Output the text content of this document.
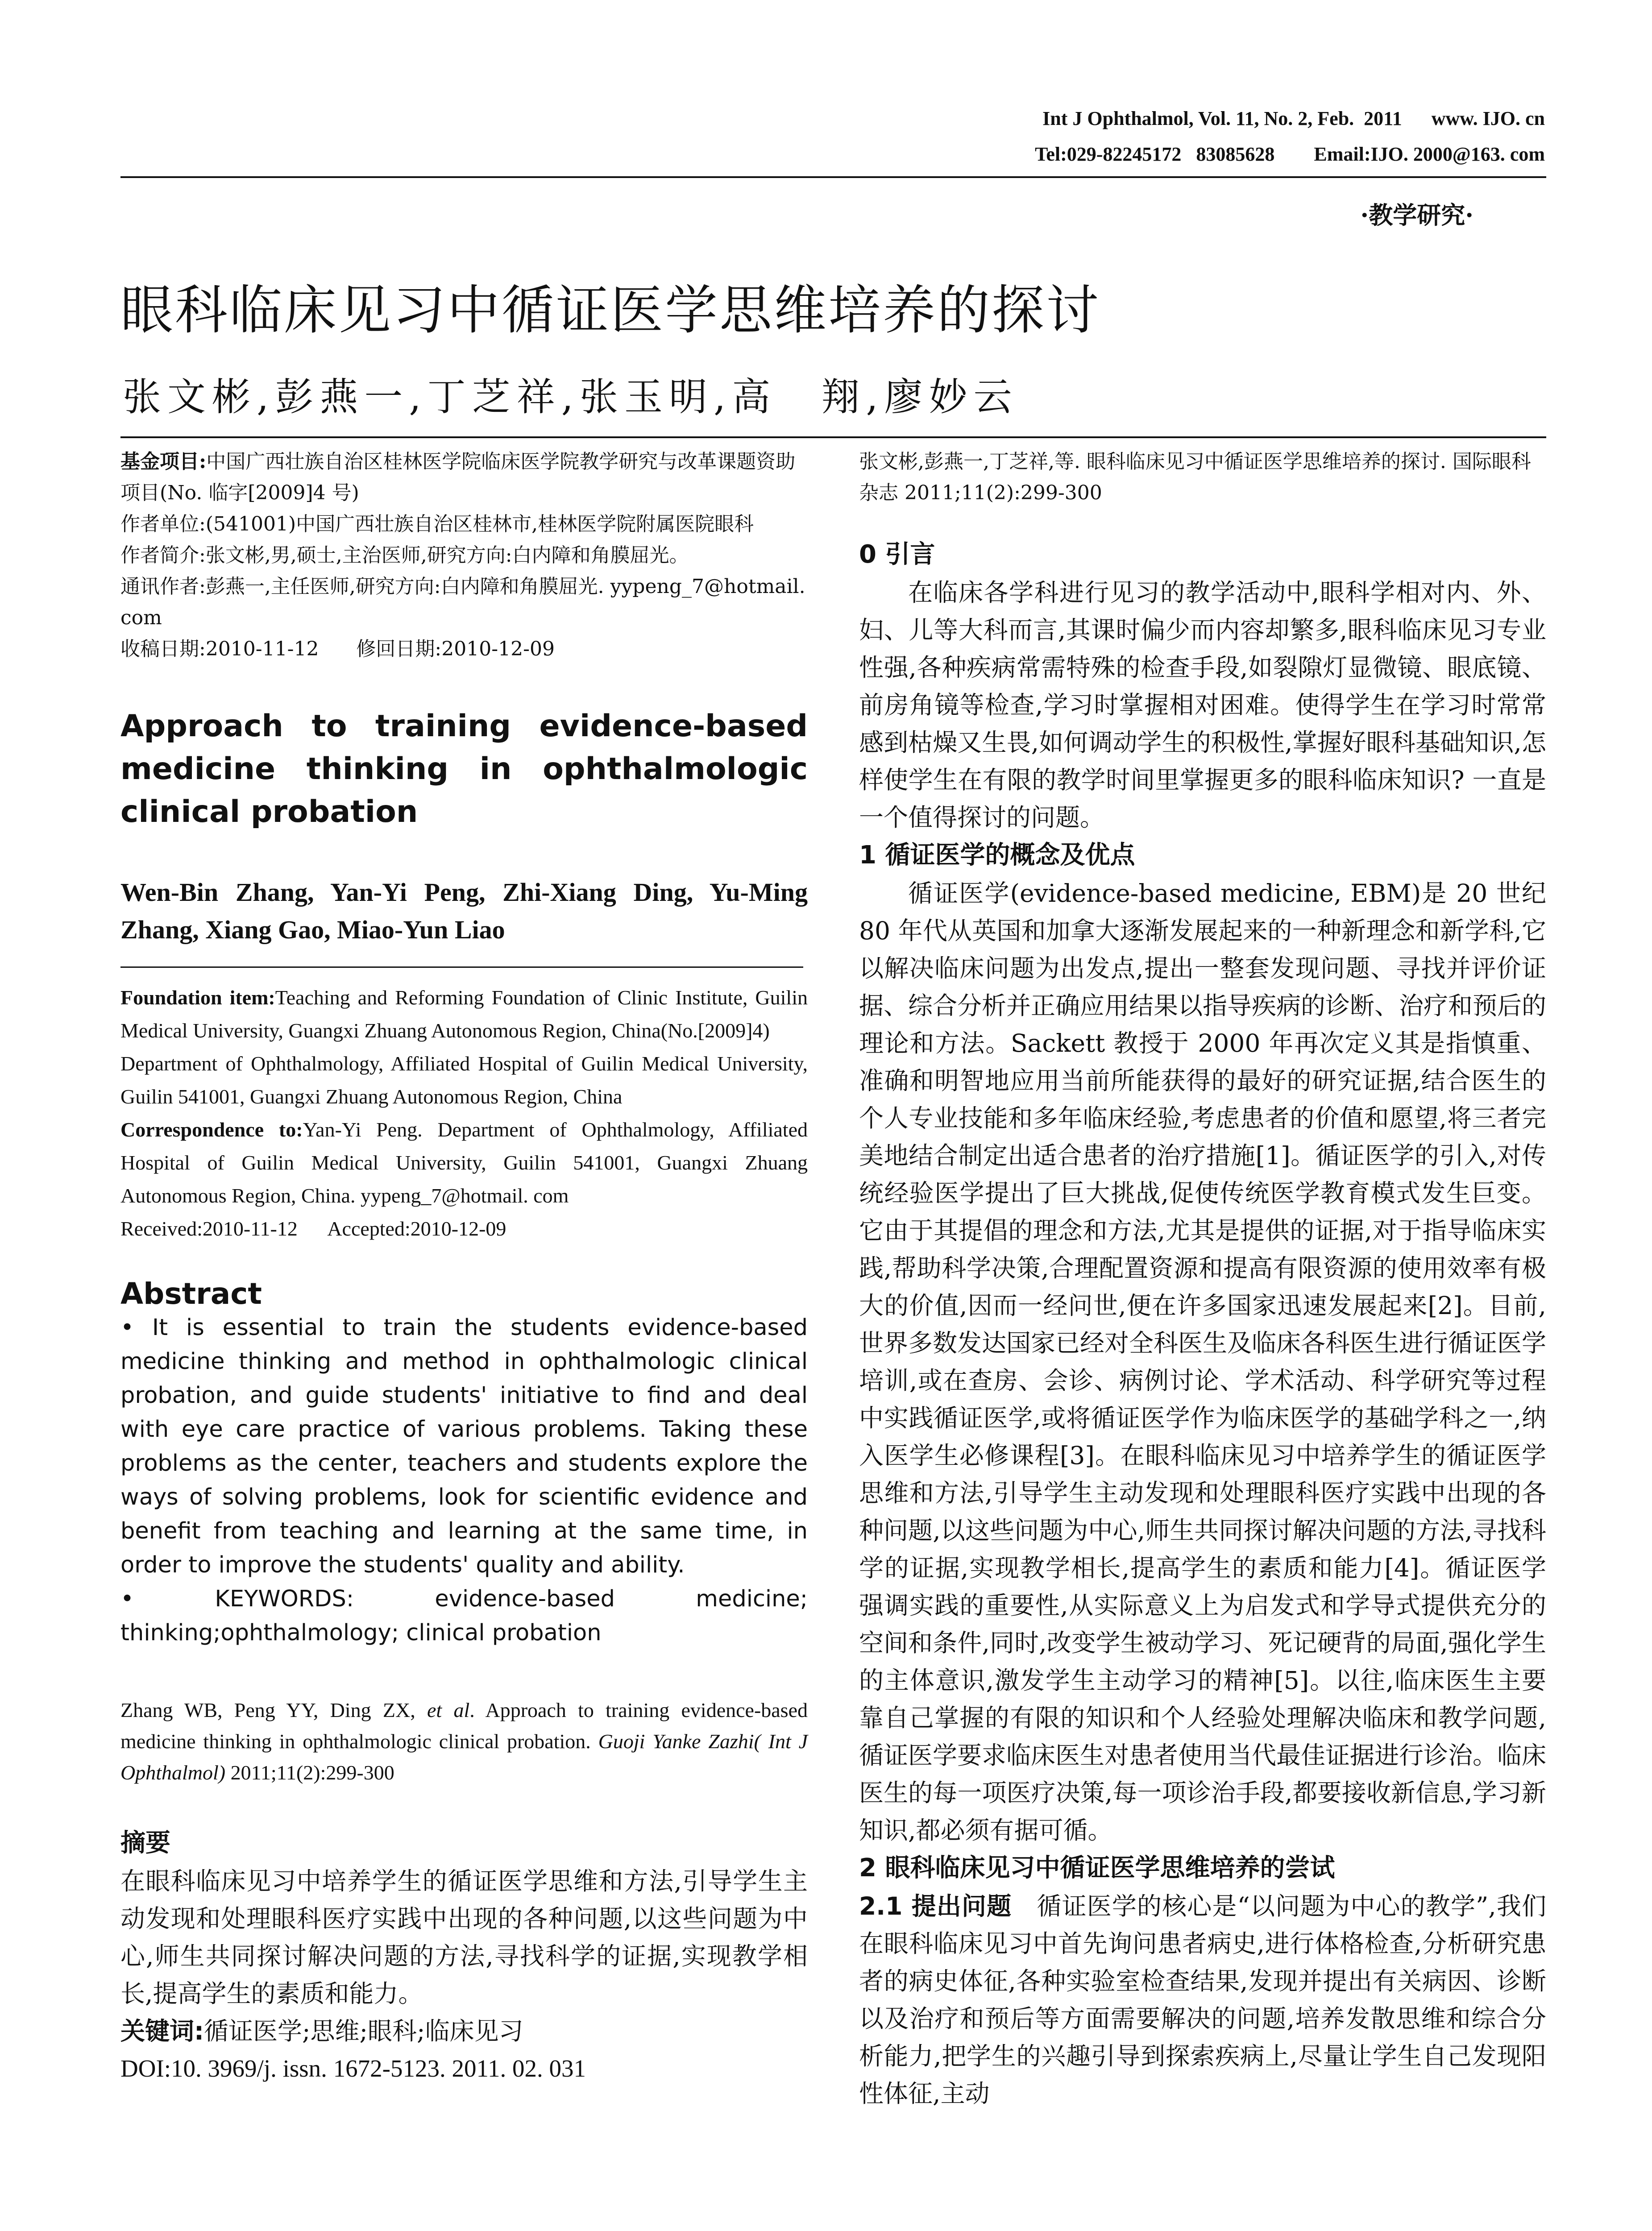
Int J Ophthalmol, Vol. 11, No. 2, Feb.  2011      www. IJO. cn
Tel:029-82245172   83085628        Email:IJO. 2000@163. com
·教学研究·
眼科临床见习中循证医学思维培养的探讨
张文彬,彭燕一,丁芝祥,张玉明,高　翔,廖妙云
基金项目:中国广西壮族自治区桂林医学院临床医学院教学研究与改革课题资助项目(No. 临字[2009]4 号)
作者单位:(541001)中国广西壮族自治区桂林市,桂林医学院附属医院眼科
作者简介:张文彬,男,硕士,主治医师,研究方向:白内障和角膜屈光。
通讯作者:彭燕一,主任医师,研究方向:白内障和角膜屈光. yypeng_7@hotmail. com
收稿日期:2010-11-12      修回日期:2010-12-09
Approach to training evidence-based medicine thinking in ophthalmologic clinical probation
Wen-Bin Zhang, Yan-Yi Peng, Zhi-Xiang Ding, Yu-Ming Zhang, Xiang Gao, Miao-Yun Liao
Foundation item:Teaching and Reforming Foundation of Clinic Institute, Guilin Medical University, Guangxi Zhuang Autonomous Region, China(No.[2009]4)
Department of Ophthalmology, Affiliated Hospital of Guilin Medical University, Guilin 541001, Guangxi Zhuang Autonomous Region, China
Correspondence to:Yan-Yi Peng. Department of Ophthalmology, Affiliated Hospital of Guilin Medical University, Guilin 541001, Guangxi Zhuang Autonomous Region, China. yypeng_7@hotmail. com
Received:2010-11-12      Accepted:2010-12-09
Abstract
• It is essential to train the students evidence-based medicine thinking and method in ophthalmologic clinical probation, and guide students' initiative to find and deal with eye care practice of various problems. Taking these problems as the center, teachers and students explore the ways of solving problems, look for scientific evidence and benefit from teaching and learning at the same time, in order to improve the students' quality and ability.
• KEYWORDS: evidence-based medicine; thinking;ophthalmology; clinical probation
Zhang WB, Peng YY, Ding ZX, et al. Approach to training evidence-based medicine thinking in ophthalmologic clinical probation. Guoji Yanke Zazhi( Int J Ophthalmol) 2011;11(2):299-300
摘要
在眼科临床见习中培养学生的循证医学思维和方法,引导学生主动发现和处理眼科医疗实践中出现的各种问题,以这些问题为中心,师生共同探讨解决问题的方法,寻找科学的证据,实现教学相长,提高学生的素质和能力。
关键词:循证医学;思维;眼科;临床见习
DOI:10. 3969/j. issn. 1672-5123. 2011. 02. 031
张文彬,彭燕一,丁芝祥,等. 眼科临床见习中循证医学思维培养的探讨. 国际眼科杂志 2011;11(2):299-300
0 引言
在临床各学科进行见习的教学活动中,眼科学相对内、外、妇、儿等大科而言,其课时偏少而内容却繁多,眼科临床见习专业性强,各种疾病常需特殊的检查手段,如裂隙灯显微镜、眼底镜、前房角镜等检查,学习时掌握相对困难。使得学生在学习时常常感到枯燥又生畏,如何调动学生的积极性,掌握好眼科基础知识,怎样使学生在有限的教学时间里掌握更多的眼科临床知识? 一直是一个值得探讨的问题。
1 循证医学的概念及优点
循证医学(evidence-based medicine, EBM)是 20 世纪 80 年代从英国和加拿大逐渐发展起来的一种新理念和新学科,它以解决临床问题为出发点,提出一整套发现问题、寻找并评价证据、综合分析并正确应用结果以指导疾病的诊断、治疗和预后的理论和方法。Sackett 教授于 2000 年再次定义其是指慎重、准确和明智地应用当前所能获得的最好的研究证据,结合医生的个人专业技能和多年临床经验,考虑患者的价值和愿望,将三者完美地结合制定出适合患者的治疗措施[1]。循证医学的引入,对传统经验医学提出了巨大挑战,促使传统医学教育模式发生巨变。它由于其提倡的理念和方法,尤其是提供的证据,对于指导临床实践,帮助科学决策,合理配置资源和提高有限资源的使用效率有极大的价值,因而一经问世,便在许多国家迅速发展起来[2]。目前,世界多数发达国家已经对全科医生及临床各科医生进行循证医学培训,或在查房、会诊、病例讨论、学术活动、科学研究等过程中实践循证医学,或将循证医学作为临床医学的基础学科之一,纳入医学生必修课程[3]。在眼科临床见习中培养学生的循证医学思维和方法,引导学生主动发现和处理眼科医疗实践中出现的各种问题,以这些问题为中心,师生共同探讨解决问题的方法,寻找科学的证据,实现教学相长,提高学生的素质和能力[4]。循证医学强调实践的重要性,从实际意义上为启发式和学导式提供充分的空间和条件,同时,改变学生被动学习、死记硬背的局面,强化学生的主体意识,激发学生主动学习的精神[5]。以往,临床医生主要靠自己掌握的有限的知识和个人经验处理解决临床和教学问题,循证医学要求临床医生对患者使用当代最佳证据进行诊治。临床医生的每一项医疗决策,每一项诊治手段,都要接收新信息,学习新知识,都必须有据可循。
2 眼科临床见习中循证医学思维培养的尝试
2.1 提出问题　循证医学的核心是“以问题为中心的教学”,我们在眼科临床见习中首先询问患者病史,进行体格检查,分析研究患者的病史体征,各种实验室检查结果,发现并提出有关病因、诊断以及治疗和预后等方面需要解决的问题,培养发散思维和综合分析能力,把学生的兴趣引导到探索疾病上,尽量让学生自己发现阳性体征,主动
